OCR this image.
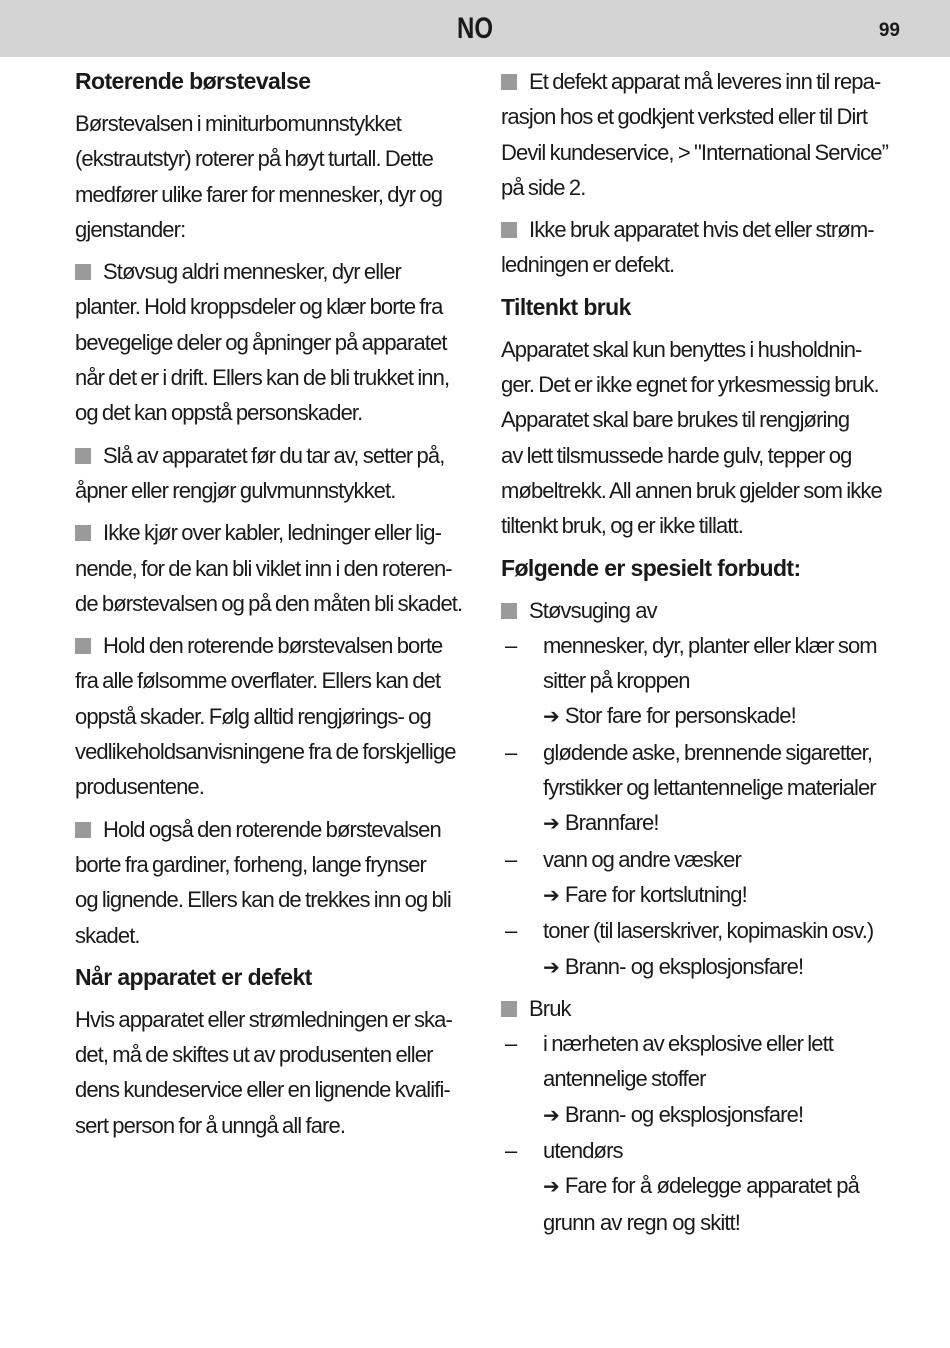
NO	99
Roterende børstevalse
Børstevalsen i miniturbomunnstykket
(ekstrautstyr) roterer på høyt turtall. Dette
medfører ulike farer for mennesker, dyr og
gjenstander:
Støvsug aldri mennesker, dyr eller
planter. Hold kroppsdeler og klær borte fra
bevegelige deler og åpninger på apparatet
når det er i drift. Ellers kan de bli trukket inn,
og det kan oppstå personskader.
Slå av apparatet før du tar av, setter på,
åpner eller rengjør gulvmunnstykket.
Ikke kjør over kabler, ledninger eller lig-
nende, for de kan bli viklet inn i den roteren-
de børstevalsen og på den måten bli skadet.
Hold den roterende børstevalsen borte
fra alle følsomme overflater. Ellers kan det
oppstå skader. Følg alltid rengjørings- og
vedlikeholdsanvisningene fra de forskjellige
produsentene.
Hold også den roterende børstevalsen
borte fra gardiner, forheng, lange frynser
og lignende. Ellers kan de trekkes inn og bli
skadet.
Når apparatet er defekt
Hvis apparatet eller strømledningen er ska-
det, må de skiftes ut av produsenten eller
dens kundeservice eller en lignende kvalifi-
sert person for å unngå all fare.
Et defekt apparat må leveres inn til repa-
rasjon hos et godkjent verksted eller til Dirt
Devil kundeservice, > "International Service”
på side 2.
Ikke bruk apparatet hvis det eller strøm-
ledningen er defekt.
Tiltenkt bruk
Apparatet skal kun benyttes i husholdnin-
ger. Det er ikke egnet for yrkesmessig bruk.
Apparatet skal bare brukes til rengjøring
av lett tilsmussede harde gulv, tepper og
møbeltrekk. All annen bruk gjelder som ikke
tiltenkt bruk, og er ikke tillatt.
Følgende er spesielt forbudt:
Støvsuging av
– mennesker, dyr, planter eller klær som
sitter på kroppen
➔ Stor fare for personskade!
– glødende aske, brennende sigaretter,
fyrstikker og lettantennelige materialer
➔ Brannfare!
– vann og andre væsker
➔ Fare for kortslutning!
– toner (til laserskriver, kopimaskin osv.)
➔ Brann- og eksplosjonsfare!
Bruk
– i nærheten av eksplosive eller lett
antennelige stoffer
➔ Brann- og eksplosjonsfare!
– utendørs
➔ Fare for å ødelegge apparatet på
grunn av regn og skitt!
